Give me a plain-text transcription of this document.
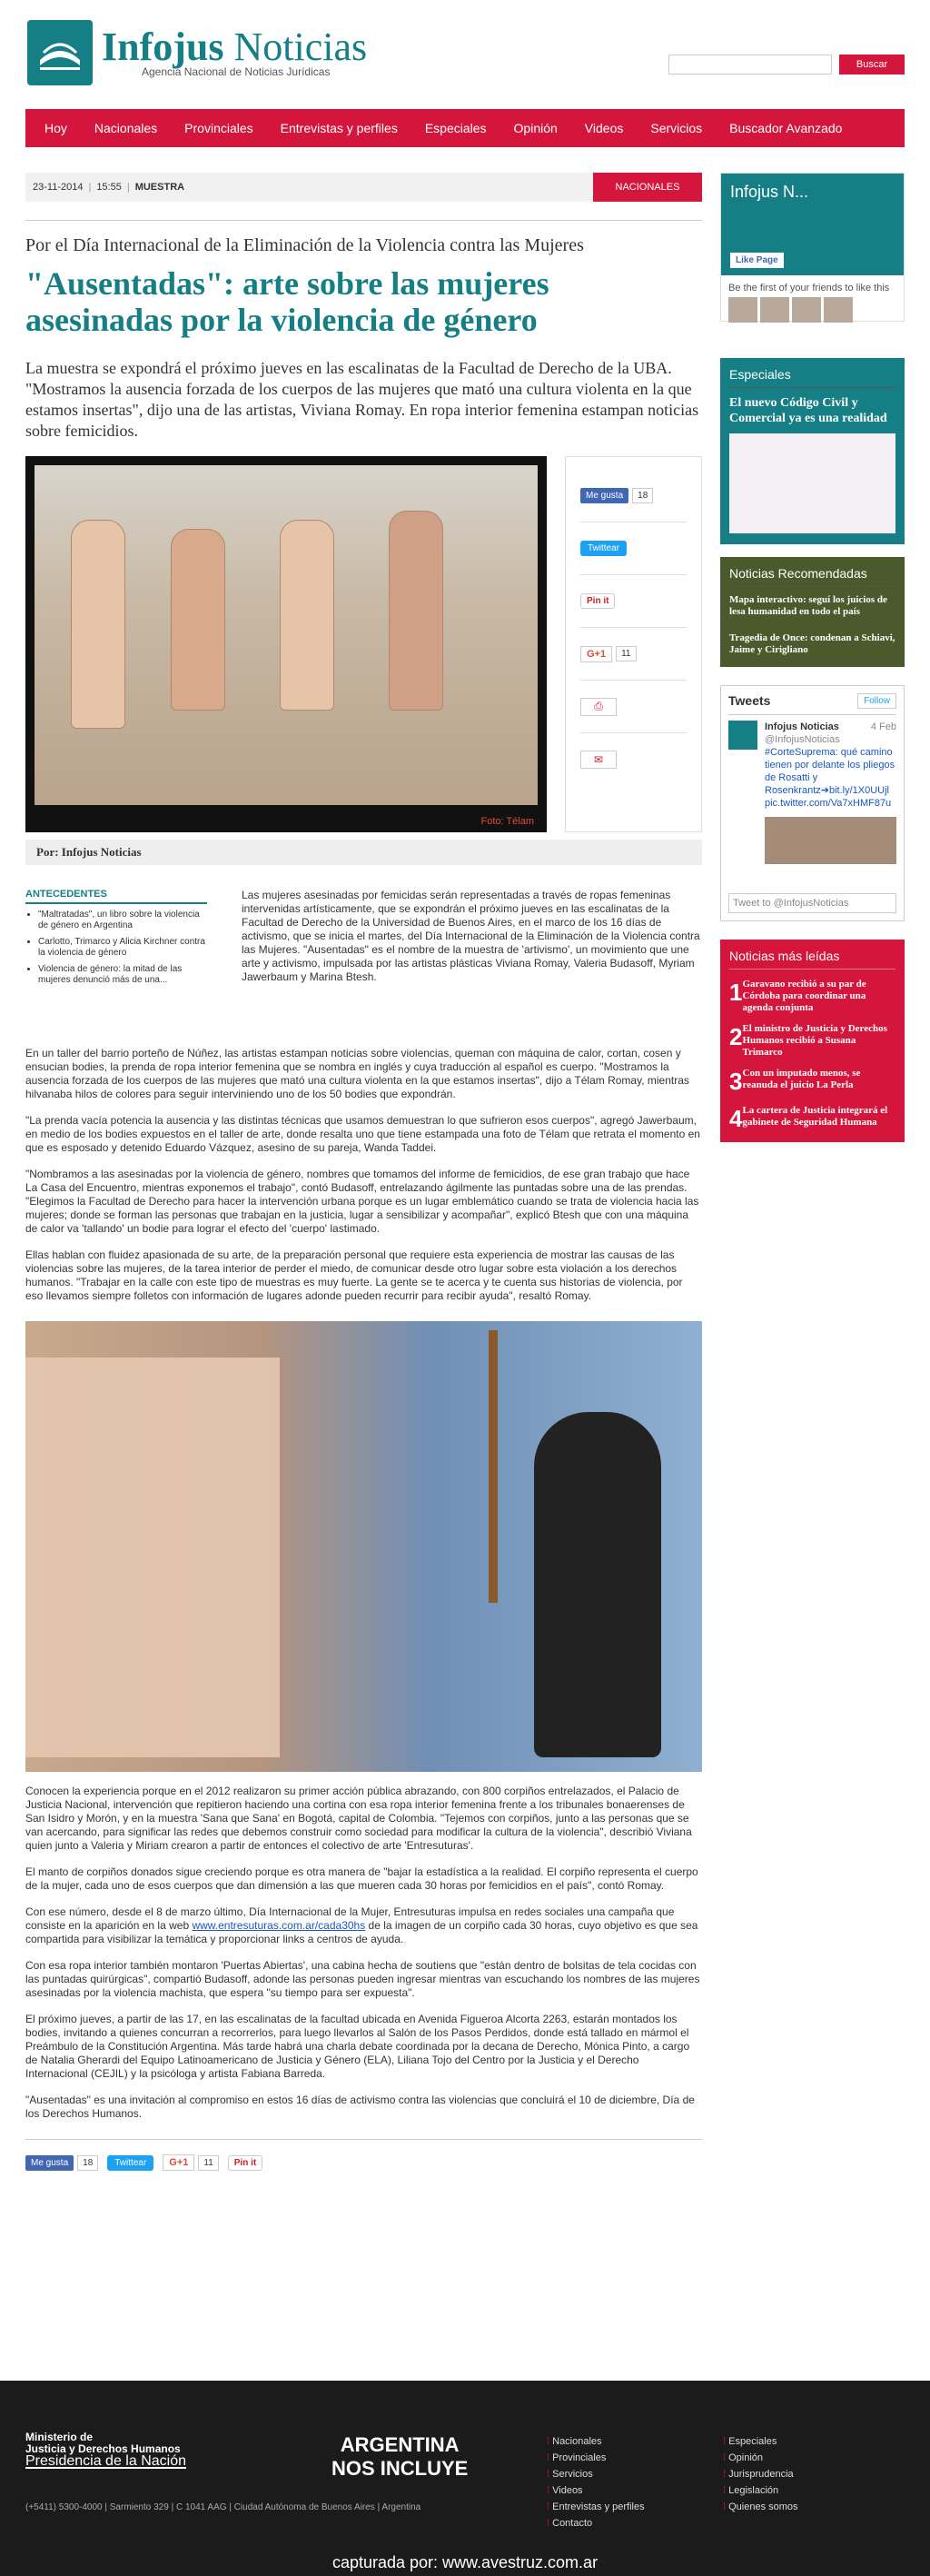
Infojus Noticias
Agencia Nacional de Noticias Jurídicas
Buscar
Hoy	Nacionales	Provinciales	Entrevistas y perfiles	Especiales	Opinión	Videos	Servicios	Buscador Avanzado
23-11-2014 | 15:55 | MUESTRA	NACIONALES
Por el Día Internacional de la Eliminación de la Violencia contra las Mujeres
"Ausentadas": arte sobre las mujeres asesinadas por la violencia de género
La muestra se expondrá el próximo jueves en las escalinatas de la Facultad de Derecho de la UBA. "Mostramos la ausencia forzada de los cuerpos de las mujeres que mató una cultura violenta en la que estamos insertas", dijo una de las artistas, Viviana Romay. En ropa interior femenina estampan noticias sobre femicidios.
Foto: Télam
Me gusta	18
Twittear
Pin it
G+1	11
⎙
✉
Por: Infojus Noticias
ANTECEDENTES
• "Maltratadas", un libro sobre la violencia de género en Argentina
• Carlotto, Trimarco y Alicia Kirchner contra la violencia de género
• Violencia de género: la mitad de las mujeres denunció más de una...
Las mujeres asesinadas por femicidas serán representadas a través de ropas femeninas intervenidas artísticamente, que se expondrán el próximo jueves en las escalinatas de la Facultad de Derecho de la Universidad de Buenos Aires, en el marco de los 16 días de activismo, que se inicia el martes, del Día Internacional de la Eliminación de la Violencia contra las Mujeres. "Ausentadas" es el nombre de la muestra de 'artivismo', un movimiento que une arte y activismo, impulsada por las artistas plásticas Viviana Romay, Valeria Budasoff, Myriam Jawerbaum y Marina Btesh.

En un taller del barrio porteño de Núñez, las artistas estampan noticias sobre violencias, queman con máquina de calor, cortan, cosen y ensucian bodies, la prenda de ropa interior femenina que se nombra en inglés y cuya traducción al español es cuerpo. "Mostramos la ausencia forzada de los cuerpos de las mujeres que mató una cultura violenta en la que estamos insertas", dijo a Télam Romay, mientras hilvanaba hilos de colores para seguir interviniendo uno de los 50 bodies que expondrán.

"La prenda vacía potencia la ausencia y las distintas técnicas que usamos demuestran lo que sufrieron esos cuerpos", agregó Jawerbaum, en medio de los bodies expuestos en el taller de arte, donde resalta uno que tiene estampada una foto de Télam que retrata el momento en que es esposado y detenido Eduardo Vázquez, asesino de su pareja, Wanda Taddei.

"Nombramos a las asesinadas por la violencia de género, nombres que tomamos del informe de femicidios, de ese gran trabajo que hace La Casa del Encuentro, mientras exponemos el trabajo", contó Budasoff, entrelazando ágilmente las puntadas sobre una de las prendas. "Elegimos la Facultad de Derecho para hacer la intervención urbana porque es un lugar emblemático cuando se trata de violencia hacia las mujeres; donde se forman las personas que trabajan en la justicia, lugar a sensibilizar y acompañar", explicó Btesh que con una máquina de calor va 'tallando' un bodie para lograr el efecto del 'cuerpo' lastimado.

Ellas hablan con fluidez apasionada de su arte, de la preparación personal que requiere esta experiencia de mostrar las causas de las violencias sobre las mujeres, de la tarea interior de perder el miedo, de comunicar desde otro lugar sobre esta violación a los derechos humanos. "Trabajar en la calle con este tipo de muestras es muy fuerte. La gente se te acerca y te cuenta sus historias de violencia, por eso llevamos siempre folletos con información de lugares adonde pueden recurrir para recibir ayuda", resaltó Romay.

Conocen la experiencia porque en el 2012 realizaron su primer acción pública abrazando, con 800 corpiños entrelazados, el Palacio de Justicia Nacional, intervención que repitieron haciendo una cortina con esa ropa interior femenina frente a los tribunales bonaerenses de San Isidro y Morón, y en la muestra 'Sana que Sana' en Bogotá, capital de Colombia. "Tejemos con corpiños, junto a las personas que se van acercando, para significar las redes que debemos construir como sociedad para modificar la cultura de la violencia", describió Viviana quien junto a Valeria y Miriam crearon a partir de entonces el colectivo de arte 'Entresuturas'.

El manto de corpiños donados sigue creciendo porque es otra manera de "bajar la estadística a la realidad. El corpiño representa el cuerpo de la mujer, cada uno de esos cuerpos que dan dimensión a las que mueren cada 30 horas por femicidios en el país", contó Romay.

Con ese número, desde el 8 de marzo último, Día Internacional de la Mujer, Entresuturas impulsa en redes sociales una campaña que consiste en la aparición en la web www.entresuturas.com.ar/cada30hs de la imagen de un corpiño cada 30 horas, cuyo objetivo es que sea compartida para visibilizar la temática y proporcionar links a centros de ayuda.

Con esa ropa interior también montaron 'Puertas Abiertas', una cabina hecha de soutiens que "están dentro de bolsitas de tela cocidas con las puntadas quirúrgicas", compartió Budasoff, adonde las personas pueden ingresar mientras van escuchando los nombres de las mujeres asesinadas por la violencia machista, que espera "su tiempo para ser expuesta".

El próximo jueves, a partir de las 17, en las escalinatas de la facultad ubicada en Avenida Figueroa Alcorta 2263, estarán montados los bodies, invitando a quienes concurran a recorrerlos, para luego llevarlos al Salón de los Pasos Perdidos, donde está tallado en mármol el Preámbulo de la Constitución Argentina. Más tarde habrá una charla debate coordinada por la decana de Derecho, Mónica Pinto, a cargo de Natalia Gherardi del Equipo Latinoamericano de Justicia y Género (ELA), Liliana Tojo del Centro por la Justicia y el Derecho Internacional (CEJIL) y la psicóloga y artista Fabiana Barreda.

"Ausentadas" es una invitación al compromiso en estos 16 días de activismo contra las violencias que concluirá el 10 de diciembre, Día de los Derechos Humanos.

Me gusta	18	Twittear	G+1	11	Pin it
Infojus N...
Like Page
Be the first of your friends to like this
Especiales
El nuevo Código Civil y Comercial ya es una realidad
Noticias Recomendadas
Mapa interactivo: seguí los juicios de lesa humanidad en todo el país
Tragedia de Once: condenan a Schiavi, Jaime y Cirigliano
Tweets	Follow
Infojus Noticias	4 Feb

@InfojusNoticias
#CorteSuprema: qué camino tienen por delante los pliegos de Rosatti y Rosenkrantz➔bit.ly/1X0UUjl pic.twitter.com/Va7xHMF87u
Tweet to @InfojusNoticias
Noticias más leídas
1 Garavano recibió a su par de Córdoba para coordinar una agenda conjunta
2 El ministro de Justicia y Derechos Humanos recibió a Susana Trimarco
3 Con un imputado menos, se reanuda el juicio La Perla
4 La cartera de Justicia integrará el gabinete de Seguridad Humana
Ministerio de
Justicia y Derechos Humanos
Presidencia de la Nación
ARGENTINA
NOS INCLUYE
(+5411) 5300-4000 | Sarmiento 329 | C 1041 AAG | Ciudad Autónoma de Buenos Aires | Argentina
⁞ Nacionales
⁞ Provinciales
⁞ Servicios
⁞ Videos
⁞ Entrevistas y perfiles
⁞ Contacto
⁞ Especiales
⁞ Opinión
⁞ Jurisprudencia
⁞ Legislación
⁞ Quienes somos
capturada por: www.avestruz.com.ar
